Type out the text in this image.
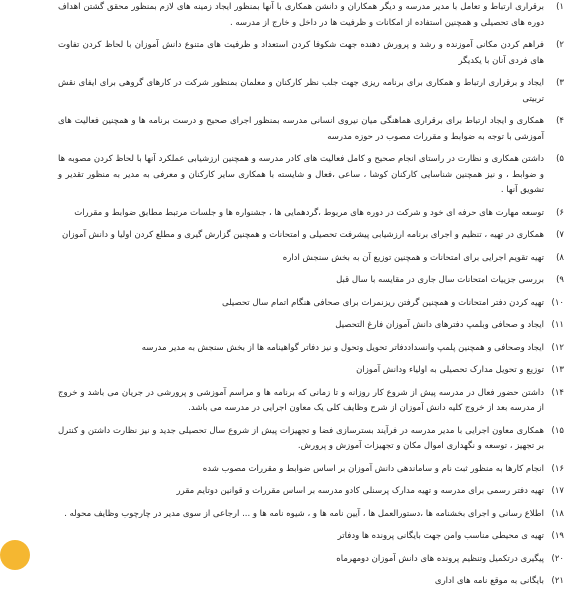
۱)
برقراری ارتباط و تعامل با مدیر مدرسه و دیگر همکاران و دانشن همکاری با آنها بمنظور ایجاد زمینه های لازم بمنظور محقق گشتن اهداف دوره های تحصیلی و همچنین استفاده از امکانات و ظرفیت ها در داخل و خارج از مدرسه .
۲)
فراهم کردن مکانی آموزنده و رشد و پرورش دهنده جهت شکوفا کردن استعداد و ظرفیت های متنوع دانش آموزان با لحاظ کردن تفاوت های فردی آنان با یکدیگر
۳)
ایجاد و برقراری ارتباط و همکاری برای برنامه ریزی جهت جلب نظر کارکنان و معلمان بمنظور شرکت در کارهای گروهی برای ایفای نقش تربیتی
۴)
همکاری و ایجاد ارتباط برای برقراری هماهنگی میان نیروی انسانی مدرسه بمنظور اجرای صحیح و درست برنامه ها و همچنین فعالیت های آموزشی با توجه به ضوابط و مقررات مصوب در حوزه مدرسه
۵)
داشتن همکاری و نظارت در راستای انجام صحیح و کامل فعالیت های کادر مدرسه و همچنین ارزشیابی عملکرد آنها با لحاظ کردن مصوبه ها و ضوابط ، و نیز همچنین شناسایی کارکنان کوشا ، ساعی ،فعال و شایسته با همکاری سایر کارکنان و معرفی به مدیر به منظور تقدیر و تشویق آنها .
۶)
توسعه مهارت های حرفه ای خود و شرکت در دوره های مربوط ،گردهمایی ها ، جشنواره ها و جلسات مرتبط مطابق ضوابط و مقررات
۷)
همکاری در تهیه ، تنظیم و اجرای برنامه ارزشیابی پیشرفت تحصیلی و امتحانات و همچنین گزارش گیری و مطلع کردن اولیا و دانش آموزان
۸)
تهیه تقویم اجرایی برای امتحانات و همچنین توزیع آن به بخش سنجش اداره
۹)
بررسی جزییات امتحانات سال جاری در مقایسه با سال قبل
۱۰)
تهیه کردن دفتر امتحانات و همچنین گرفتن ریزنمرات برای صحافی هنگام اتمام سال تحصیلی
۱۱)
ایجاد و صحافی وبلمپ دفترهای دانش آموزان فارغ التحصیل
۱۲)
ایجاد وصحافی و همچنین پلمپ وانسداددفاتر تحویل وتحول و نیز دفاتر گواهینامه ها از بخش سنجش به مدیر مدرسه
۱۳)
توزیع و تحویل مدارک تحصیلی به اولیاء ودانش آموزان
۱۴)
داشتن حضور فعال در مدرسه پیش از شروع کار روزانه و تا زمانی که برنامه ها و مراسم آموزشی و پرورشی در جریان می باشد و خروج از مدرسه بعد از خروج کلیه دانش آموزان از شرح وظایف کلی یک معاون اجرایی در مدرسه می باشد.
۱۵)
همکاری معاون اجرایی با مدیر مدرسه در فرآیند بسترسازی فضا و تجهیزات پیش از شروع سال تحصیلی جدید و نیز نظارت داشتن و کنترل بر تجهیز ، توسعه و نگهداری اموال مکان و تجهیزات آموزش و پرورش.
۱۶)
انجام کارها به منظور ثبت نام و ساماندهی دانش آموزان بر اساس ضوابط و مقررات مصوب شده
۱۷)
تهیه دفتر رسمی برای مدرسه و تهیه مدارک پرسنلی کادو مدرسه بر اساس مقررات و قوانین دوتایم مقرر
۱۸)
اطلاع رسانی و اجرای بخشنامه ها ،دستورالعمل ها ، آیین نامه ها و ، شیوه نامه ها و ... ارجاعی از سوی مدیر در چارچوب وظایف محوله .
۱۹)
تهیه ی محیطی مناسب وامن جهت بایگانی پرونده ها ودفاتر
۲۰)
پیگیری درتکمیل وتنظیم پرونده های دانش آموزان دومهرماه
۲۱)
بایگانی به موقع نامه های اداری
